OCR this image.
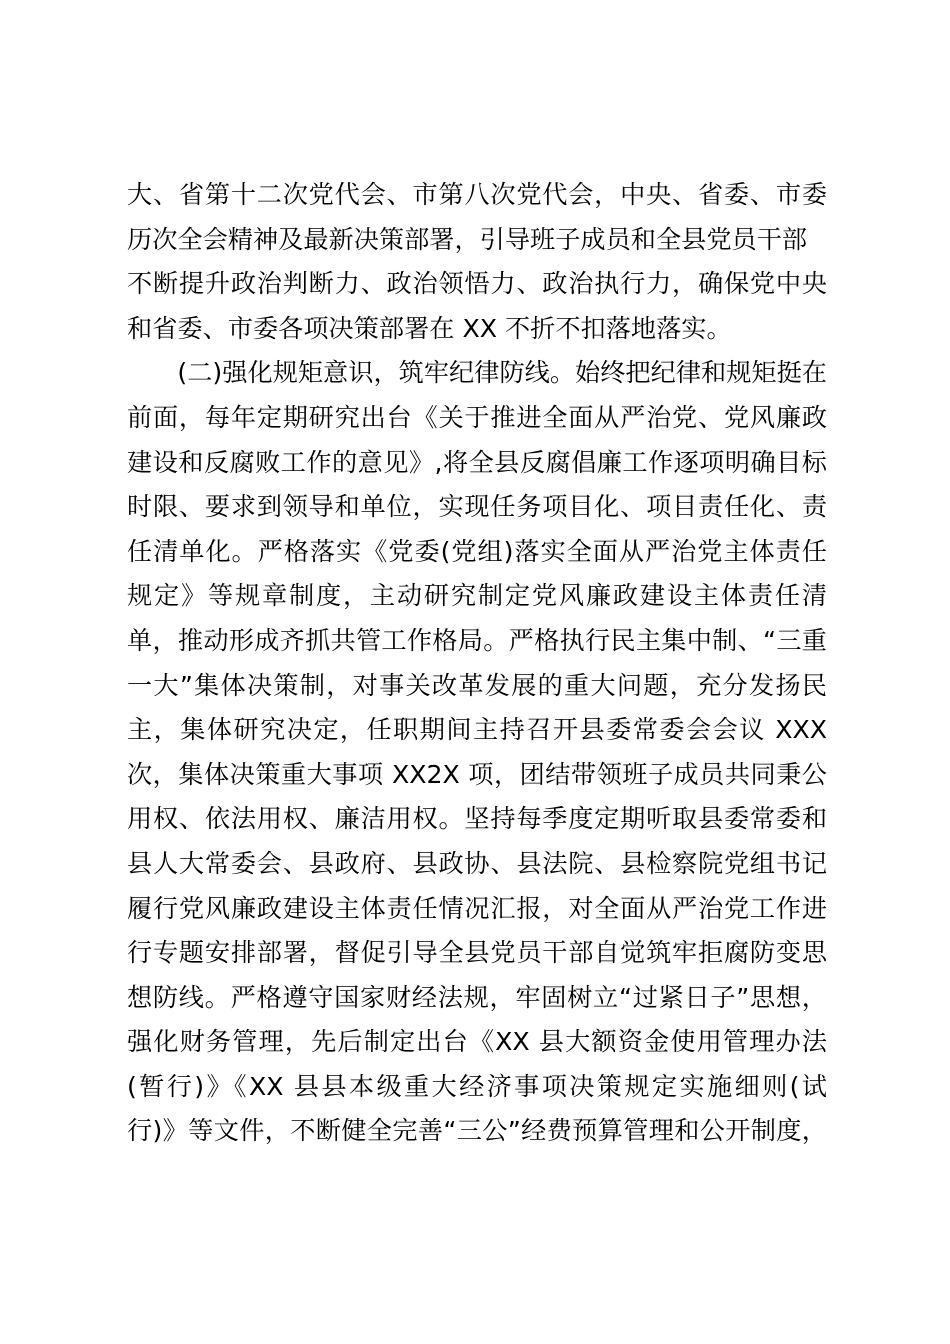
大、省第十二次党代会、市第八次党代会，中央、省委、市委
历次全会精神及最新决策部署，引导班子成员和全县党员干部
不断提升政治判断力、政治领悟力、政治执行力，确保党中央
和省委、市委各项决策部署在 XX 不折不扣落地落实。
　　(二)强化规矩意识，筑牢纪律防线。始终把纪律和规矩挺在
前面，每年定期研究出台《关于推进全面从严治党、党风廉政
建设和反腐败工作的意见》,将全县反腐倡廉工作逐项明确目标
时限、要求到领导和单位，实现任务项目化、项目责任化、责
任清单化。严格落实《党委(党组)落实全面从严治党主体责任
规定》等规章制度，主动研究制定党风廉政建设主体责任清
单，推动形成齐抓共管工作格局。严格执行民主集中制、“三重
一大”集体决策制，对事关改革发展的重大问题，充分发扬民
主，集体研究决定，任职期间主持召开县委常委会会议 XXX
次，集体决策重大事项 XX2X 项，团结带领班子成员共同秉公
用权、依法用权、廉洁用权。坚持每季度定期听取县委常委和
县人大常委会、县政府、县政协、县法院、县检察院党组书记
履行党风廉政建设主体责任情况汇报，对全面从严治党工作进
行专题安排部署，督促引导全县党员干部自觉筑牢拒腐防变思
想防线。严格遵守国家财经法规，牢固树立“过紧日子”思想，
强化财务管理，先后制定出台《XX 县大额资金使用管理办法
(暂行)》《XX 县县本级重大经济事项决策规定实施细则(试
行)》等文件，不断健全完善“三公”经费预算管理和公开制度，
